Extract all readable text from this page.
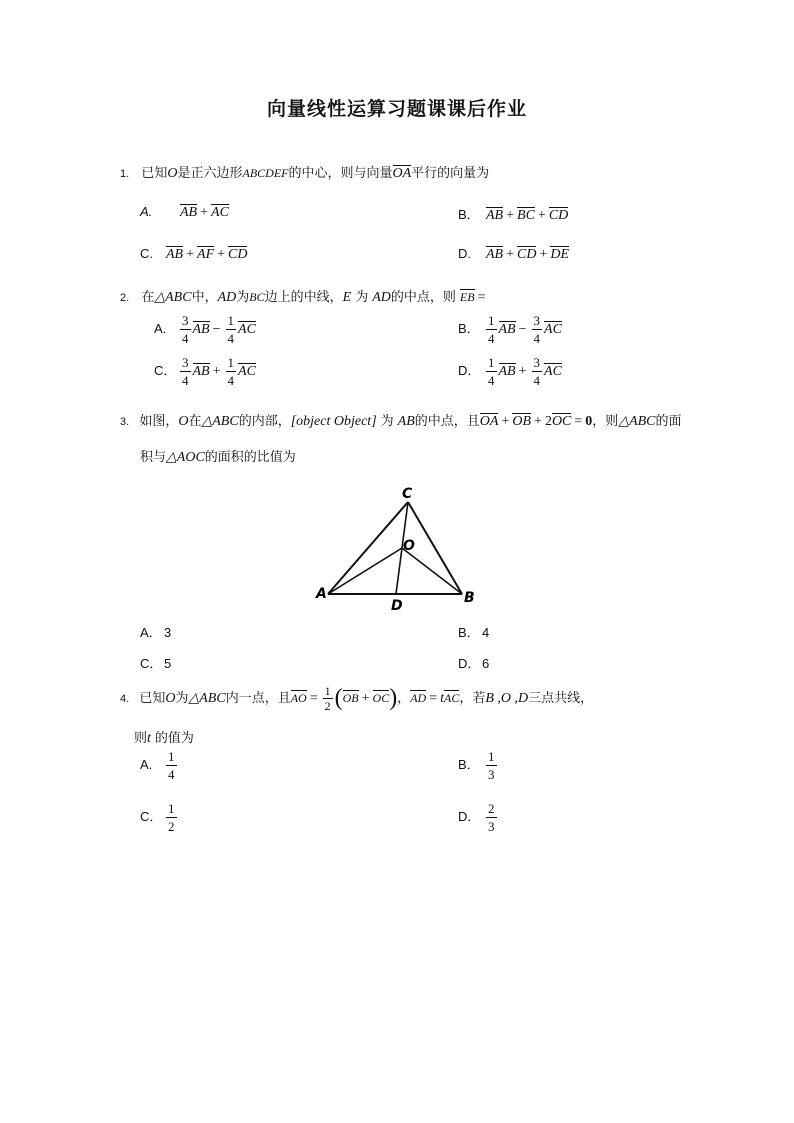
向量线性运算习题课课后作业
1. 已知O是正六边形ABCDEF的中心，则与向量OA平行的向量为
A. AB + AC	B． AB + BC + CD
C. AB + AF + CD	D. AB + CD + DE
2. 在△ABC中，AD为BC边上的中线，E 为 AD的中点，则 EB =
A. $\frac{3}{4}$ AB − $\frac{1}{4}$ AC	B． $\frac{1}{4}$ AB − $\frac{3}{4}$ AC
C． $\frac{3}{4}$ AB + $\frac{1}{4}$ AC	D． $\frac{1}{4}$ AB + $\frac{3}{4}$ AC
3. 如图，O在△ABC的内部，[object Object] 为 AB的中点，且OA + OB + 2OC = 0，则△ABC的面
积与△AOC的面积的比值为
C
O
A	B
D
A． 3	B． 4
C． 5	D． 6
4. 已知O为△ABC内一点，且AO = $\frac{1}{2} (OB + OC)$，AD = tAC，若B ,O ,D三点共线，
则t 的值为
A. $\frac{1}{4}$	B． $\frac{1}{3}$
C． $\frac{1}{2}$	D． $\frac{2}{3}$
